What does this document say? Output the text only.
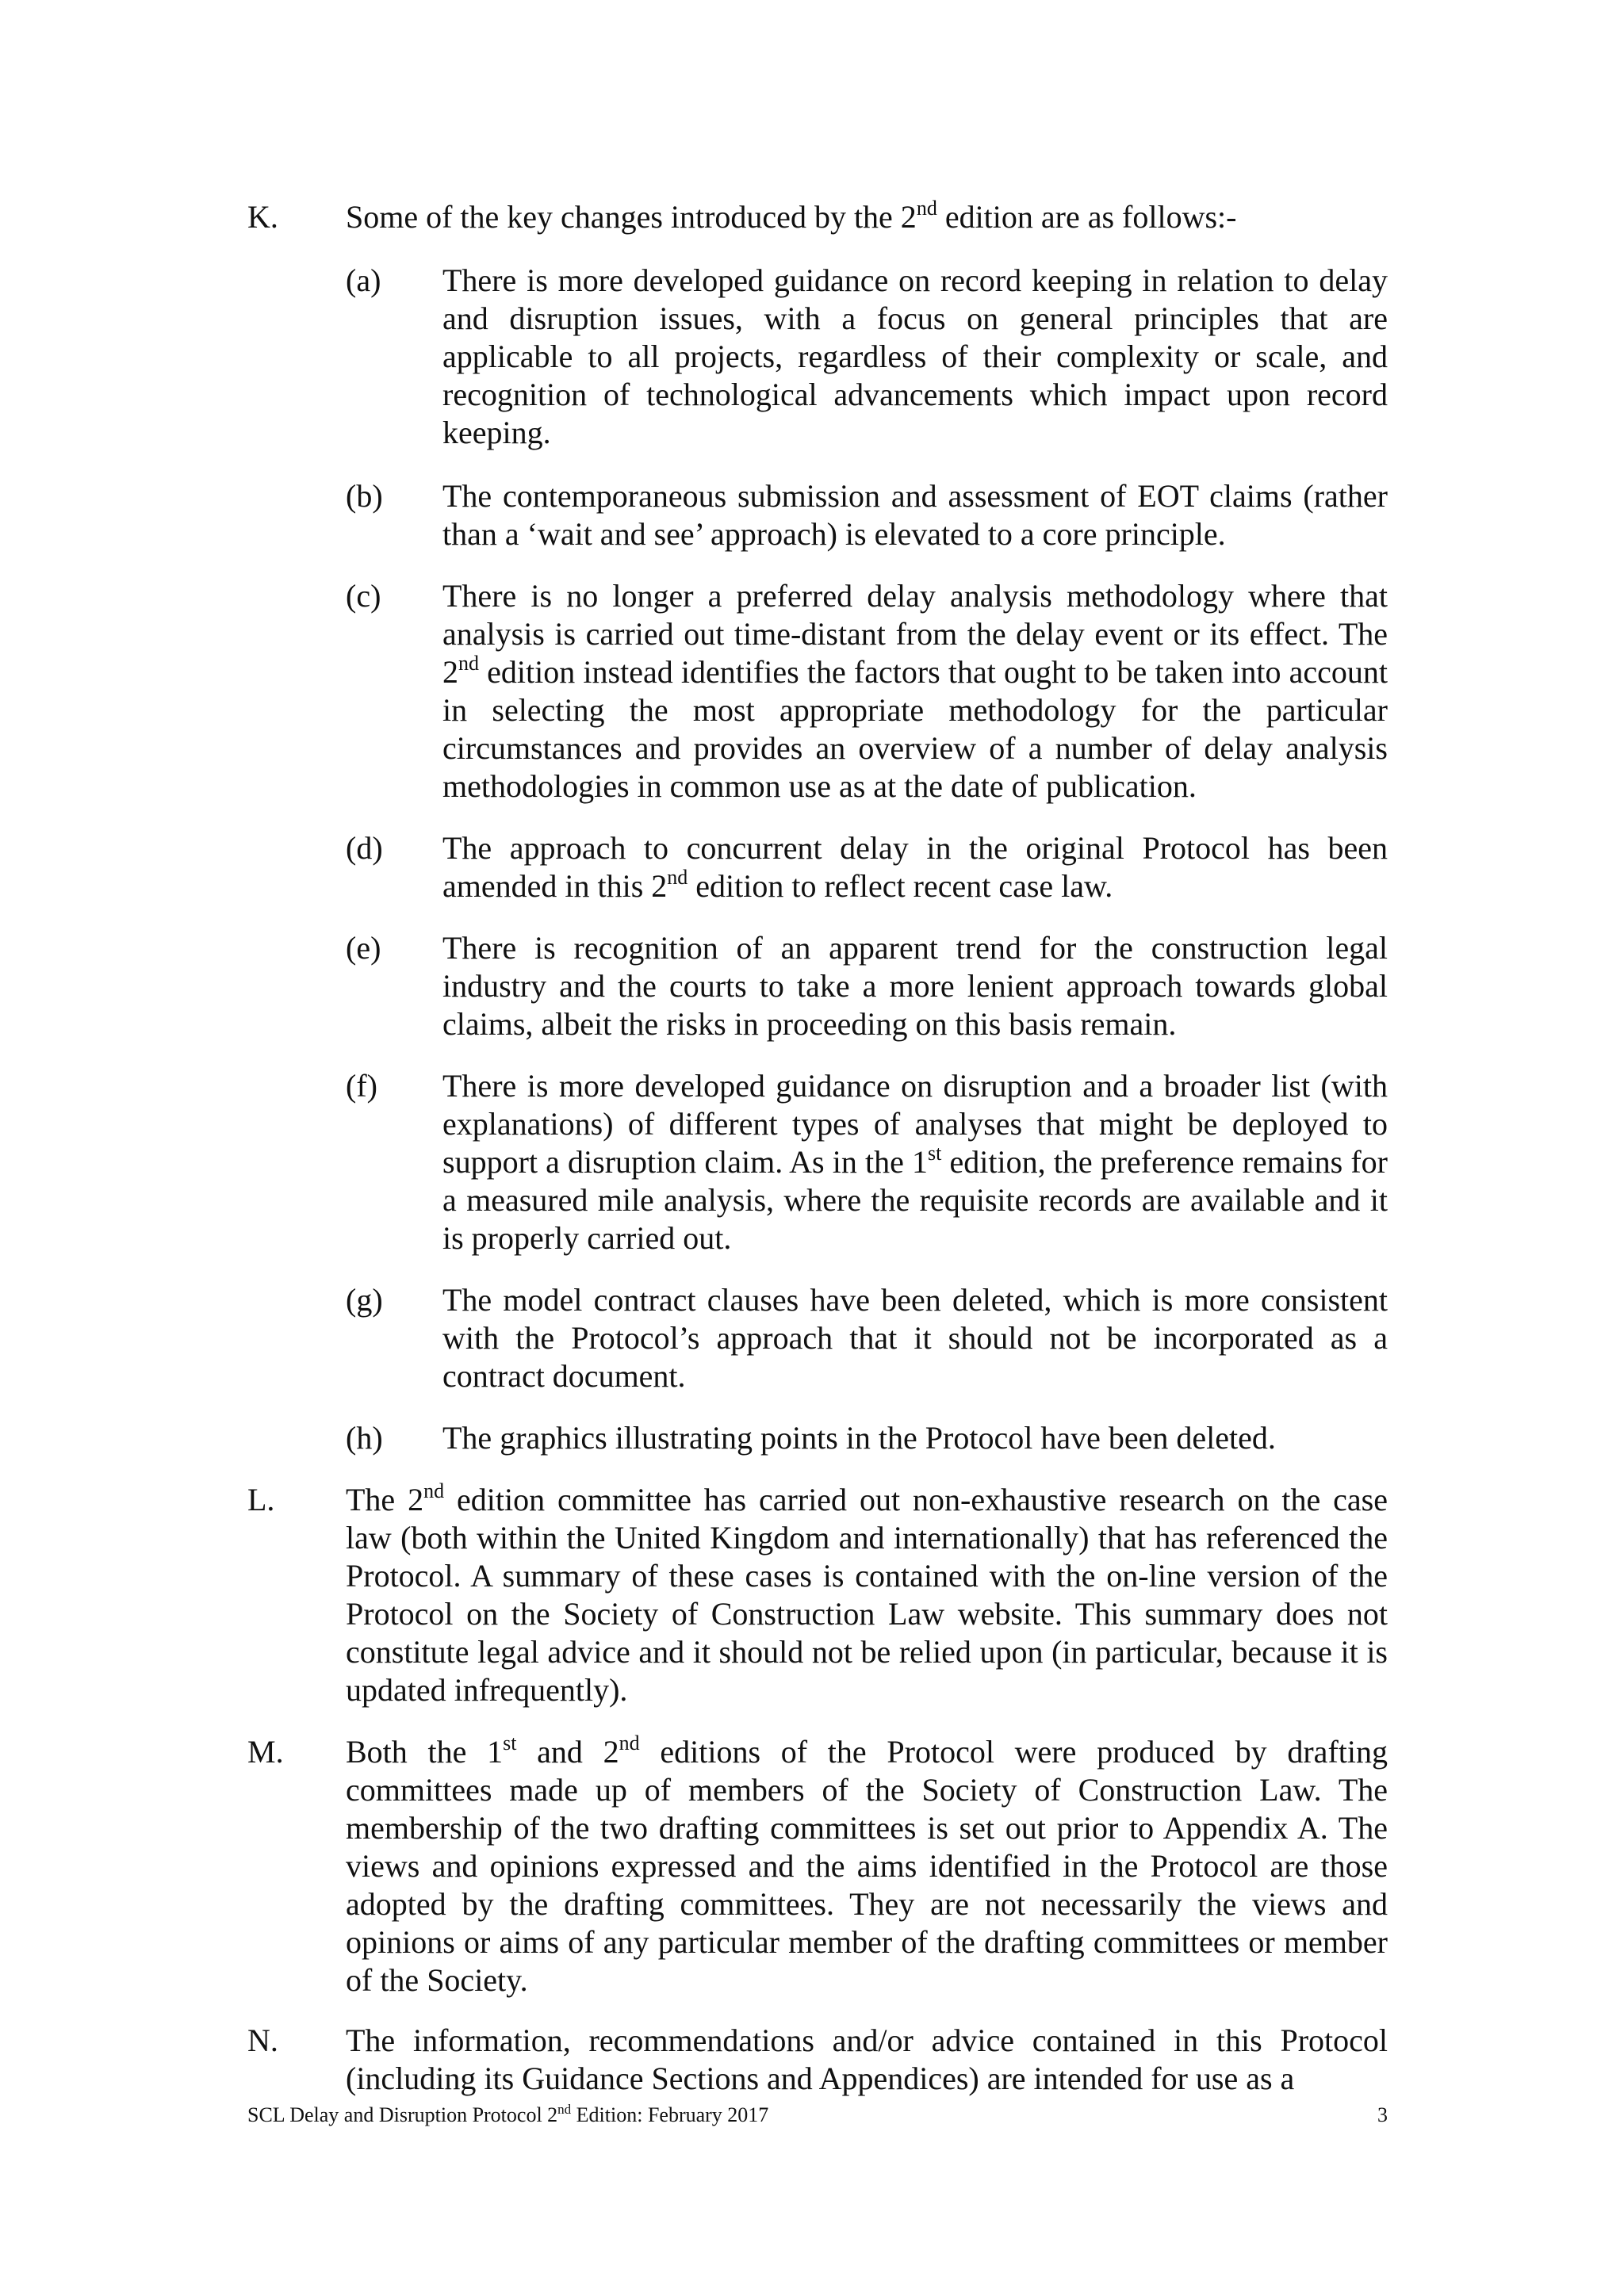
K. Some of the key changes introduced by the 2nd edition are as follows:-
(a) There is more developed guidance on record keeping in relation to delay and disruption issues, with a focus on general principles that are applicable to all projects, regardless of their complexity or scale, and recognition of technological advancements which impact upon record keeping.
(b) The contemporaneous submission and assessment of EOT claims (rather than a ‘wait and see’ approach) is elevated to a core principle.
(c) There is no longer a preferred delay analysis methodology where that analysis is carried out time-distant from the delay event or its effect. The 2nd edition instead identifies the factors that ought to be taken into account in selecting the most appropriate methodology for the particular circumstances and provides an overview of a number of delay analysis methodologies in common use as at the date of publication.
(d) The approach to concurrent delay in the original Protocol has been amended in this 2nd edition to reflect recent case law.
(e) There is recognition of an apparent trend for the construction legal industry and the courts to take a more lenient approach towards global claims, albeit the risks in proceeding on this basis remain.
(f) There is more developed guidance on disruption and a broader list (with explanations) of different types of analyses that might be deployed to support a disruption claim. As in the 1st edition, the preference remains for a measured mile analysis, where the requisite records are available and it is properly carried out.
(g) The model contract clauses have been deleted, which is more consistent with the Protocol’s approach that it should not be incorporated as a contract document.
(h) The graphics illustrating points in the Protocol have been deleted.
L. The 2nd edition committee has carried out non-exhaustive research on the case law (both within the United Kingdom and internationally) that has referenced the Protocol. A summary of these cases is contained with the on-line version of the Protocol on the Society of Construction Law website. This summary does not constitute legal advice and it should not be relied upon (in particular, because it is updated infrequently).
M. Both the 1st and 2nd editions of the Protocol were produced by drafting committees made up of members of the Society of Construction Law. The membership of the two drafting committees is set out prior to Appendix A. The views and opinions expressed and the aims identified in the Protocol are those adopted by the drafting committees. They are not necessarily the views and opinions or aims of any particular member of the drafting committees or member of the Society.
N. The information, recommendations and/or advice contained in this Protocol (including its Guidance Sections and Appendices) are intended for use as a
SCL Delay and Disruption Protocol 2nd Edition: February 2017	3
